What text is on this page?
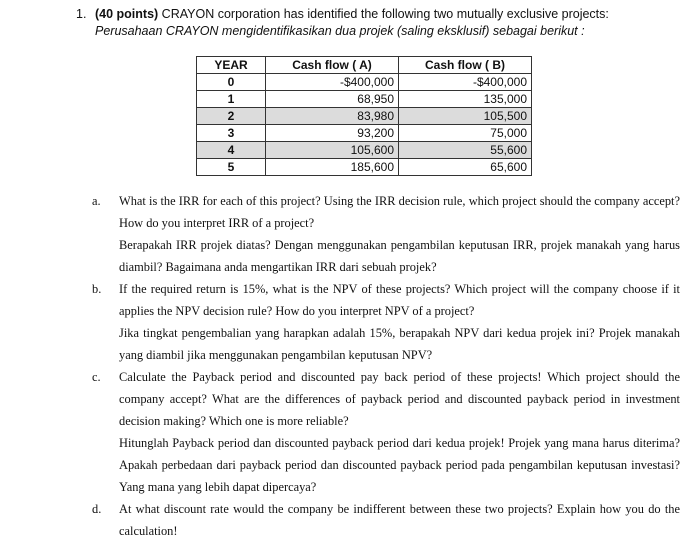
1. (40 points) CRAYON corporation has identified the following two mutually exclusive projects:
Perusahaan CRAYON mengidentifikasikan dua projek (saling eksklusif) sebagai berikut :
YEAR	Cash flow ( A)	Cash flow ( B)
0	-$400,000	-$400,000
1	68,950	135,000
2	83,980	105,500
3	93,200	75,000
4	105,600	55,600
5	185,600	65,600
a. What is the IRR for each of this project? Using the IRR decision rule, which project should the company accept? How do you interpret IRR of a project?

Berapakah IRR projek diatas? Dengan menggunakan pengambilan keputusan IRR, projek manakah yang harus diambil? Bagaimana anda mengartikan IRR dari sebuah projek?

b. If the required return is 15%, what is the NPV of these projects? Which project will the company choose if it applies the NPV decision rule? How do you interpret NPV of a project?

Jika tingkat pengembalian yang harapkan adalah 15%, berapakah NPV dari kedua projek ini? Projek manakah yang diambil jika menggunakan pengambilan keputusan NPV?

c. Calculate the Payback period and discounted pay back period of these projects! Which project should the company accept? What are the differences of payback period and discounted payback period in investment decision making? Which one is more reliable?

Hitunglah Payback period dan discounted payback period dari kedua projek! Projek yang mana harus diterima? Apakah perbedaan dari payback period dan discounted payback period pada pengambilan keputusan investasi? Yang mana yang lebih dapat dipercaya?

d. At what discount rate would the company be indifferent between these two projects? Explain how you do the calculation!
